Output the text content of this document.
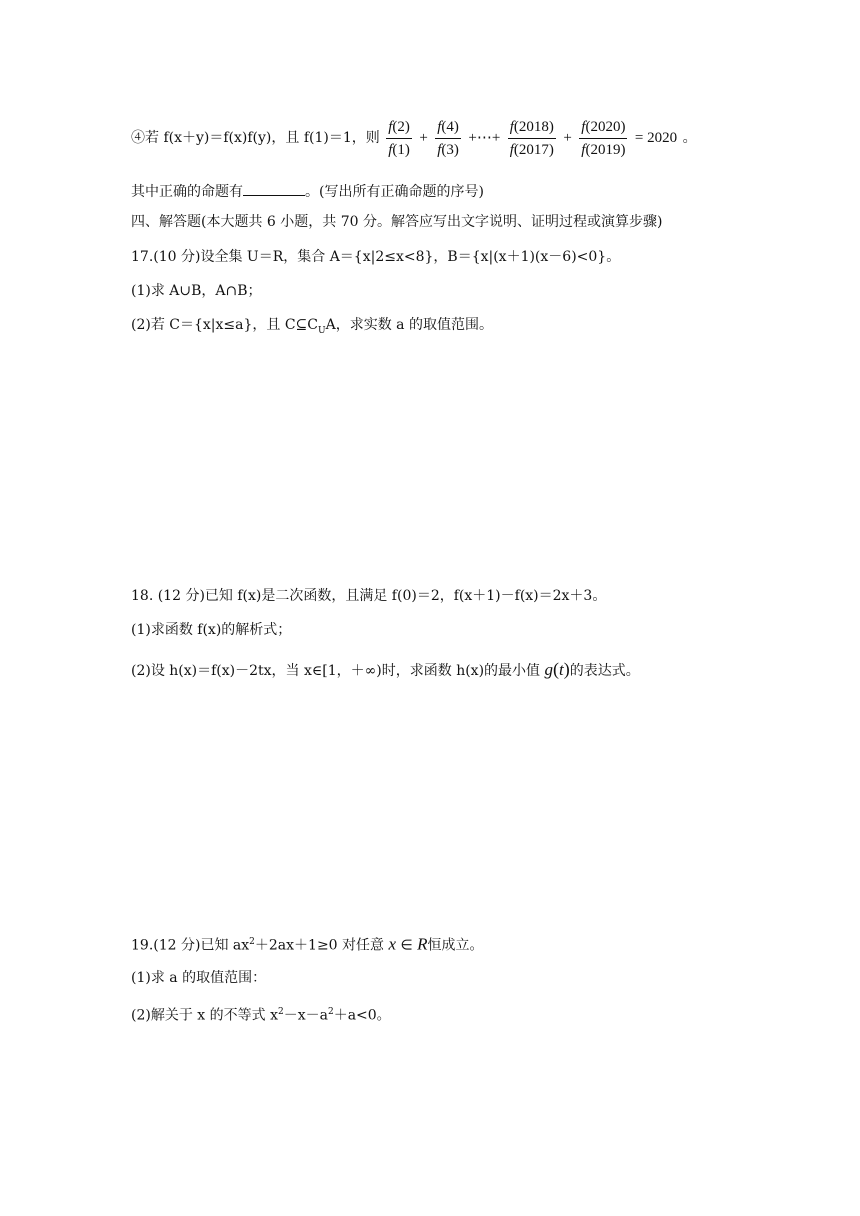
④若 f(x＋y)＝f(x)f(y)，且 f(1)＝1，则 $\frac{f(2)}{f(1)} + \frac{f(4)}{f(3)}$ +⋯+ $\frac{f(2018)}{f(2017)} + \frac{f(2020)}{f(2019)} = 2020$ 。
其中正确的命题有	。(写出所有正确命题的序号)
四、解答题(本大题共 6 小题，共 70 分。解答应写出文字说明、证明过程或演算步骤)
17.(10 分)设全集 U＝R，集合 A＝{x|2≤x<8}，B＝{x|(x＋1)(x－6)<0}。
(1)求 A∪B，A∩B；
(2)若 C＝{x|x≤a}，且 $C⊆C_UA$，求实数 a 的取值范围。
18. (12 分)已知 f(x)是二次函数，且满足 f(0)＝2，f(x＋1)－f(x)＝2x＋3。
(1)求函数 f(x)的解析式；
(2)设 h(x)＝f(x)－2tx，当 x∈[1，＋∞)时，求函数 h(x)的最小值 g(t)的表达式。
19.(12 分)已知 $ax^2+2ax+1\ge 0$ 对任意 x ∈ R恒成立。
(1)求 a 的取值范围：
(2)解关于 x 的不等式 $x^2-x-a^2+a<0$。
